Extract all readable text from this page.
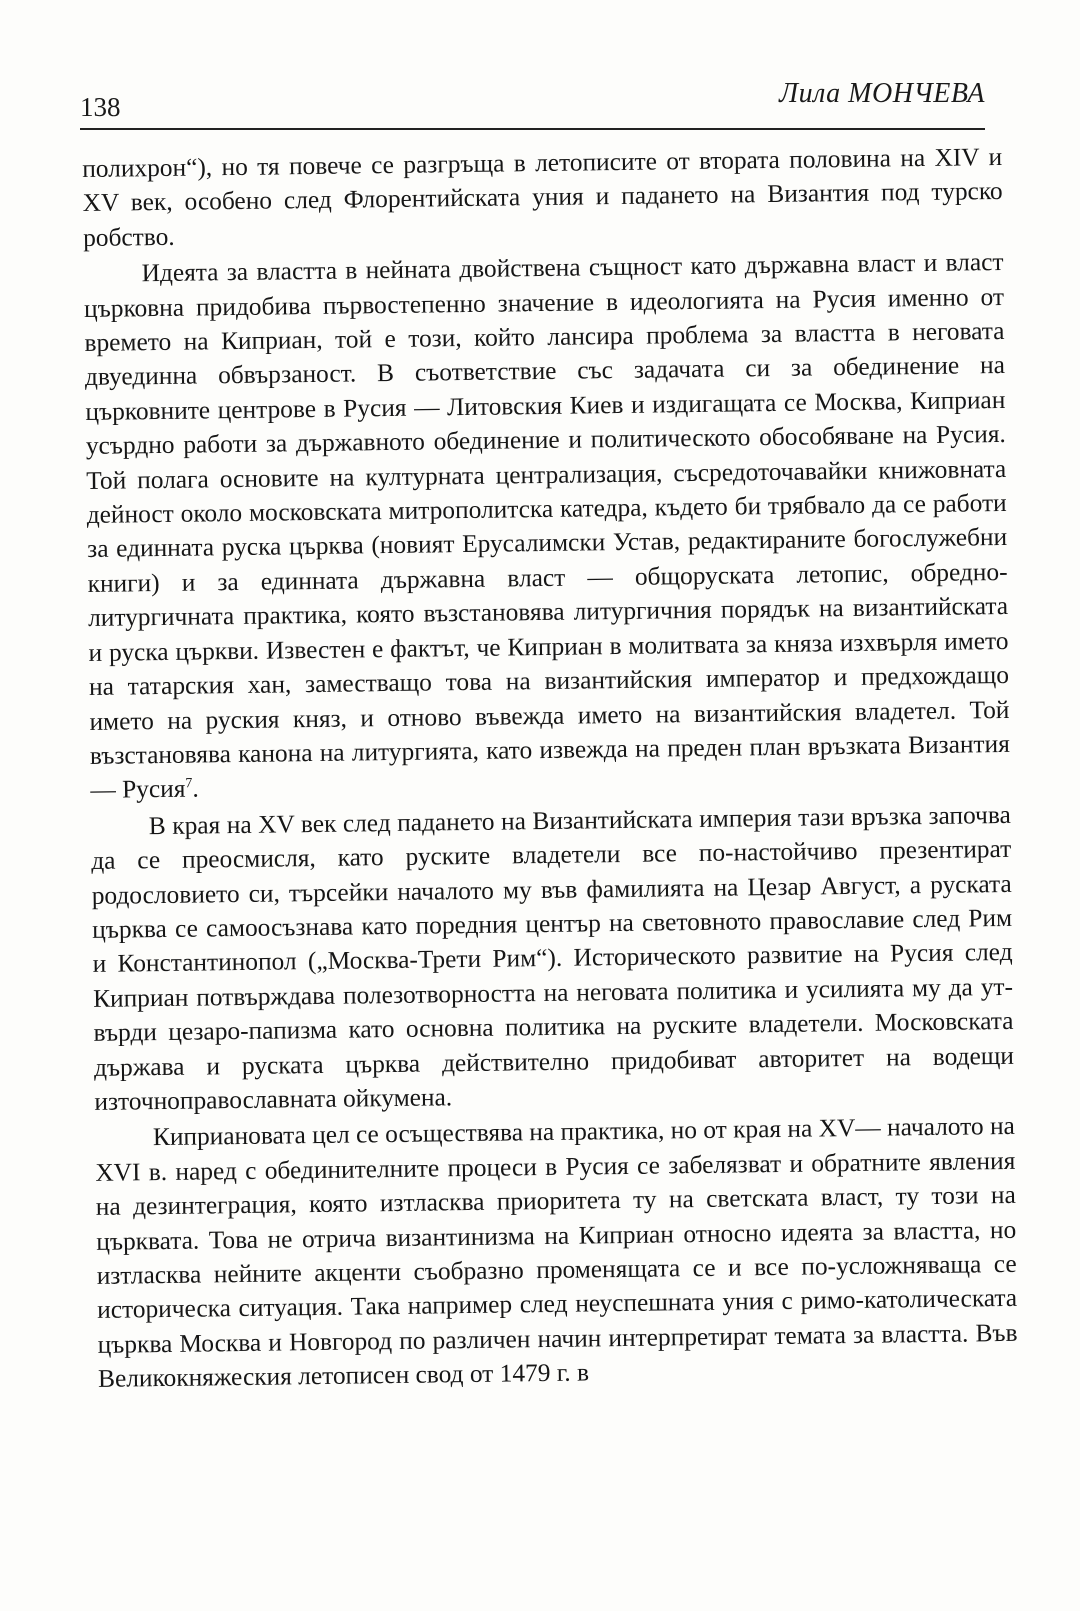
138	Лила МОНЧЕВА

полихрон“), но тя повече се разгръща в летописите от втората половина на XIV и XV век, особено след Флорентийската уния и падането на Византия под турско робство.

Идеята за властта в нейната двойствена същност като държавна власт и власт църковна придобива първостепенно значение в идеологията на Русия именно от времето на Киприан, той е този, който лансира проблема за властта в неговата двуединна обвързаност. В съответствие със задачата си за обединение на църковните центрове в Русия — Литовския Киев и издигащата се Москва, Киприан усърдно работи за държавното обединение и политическото обособяване на Русия. Той полага основите на културната централизация, съсредоточавайки книжовната дейност около московската митрополитска катедра, където би трябвало да се работи за единната руска църква (новият Ерусалимски Устав, редактираните богослужебни книги) и за единната държавна власт — общоруската летопис, обредно-литургичната практика, която възстановява литургичния порядък на византийската и руска църкви. Известен е фактът, че Киприан в молитвата за княза изхвърля името на татарския хан, заместващо това на византийския император и предхождащо името на руския княз, и отново въвежда името на византийския владетел. Той възстановява канона на литургията, като извежда на преден план връзката Византия — Русия$^7$.

В края на XV век след падането на Византийската империя тази връзка започва да се преосмисля, като руските владетели все по-настойчиво презентират родословието си, търсейки началото му във фамилията на Цезар Август, а руската църква се самоосъзнава като поредния център на световното православие след Рим и Константинопол („Москва-Трети Рим“). Историческото развитие на Русия след Киприан потвърждава полезотворността на неговата политика и усилията му да утвърди цезаро-папизма като основна политика на руските владетели. Московската държава и руската църква действително придобиват авторитет на водещи източноправославната ойкумена.

Киприановата цел се осъществява на практика, но от края на XV— началото на XVI в. наред с обединителните процеси в Русия се забелязват и обратните явления на дезинтеграция, която изтласква приоритета ту на светската власт, ту този на църквата. Това не отрича византинизма на Киприан относно идеята за властта, но изтласква нейните акценти съобразно променящата се и все по-усложняваща се историческа ситуация. Така например след неуспешната уния с римо-католическата църква Москва и Новгород по различен начин интерпретират темата за властта. Във Великокняжеския летописен свод от 1479 г. в
